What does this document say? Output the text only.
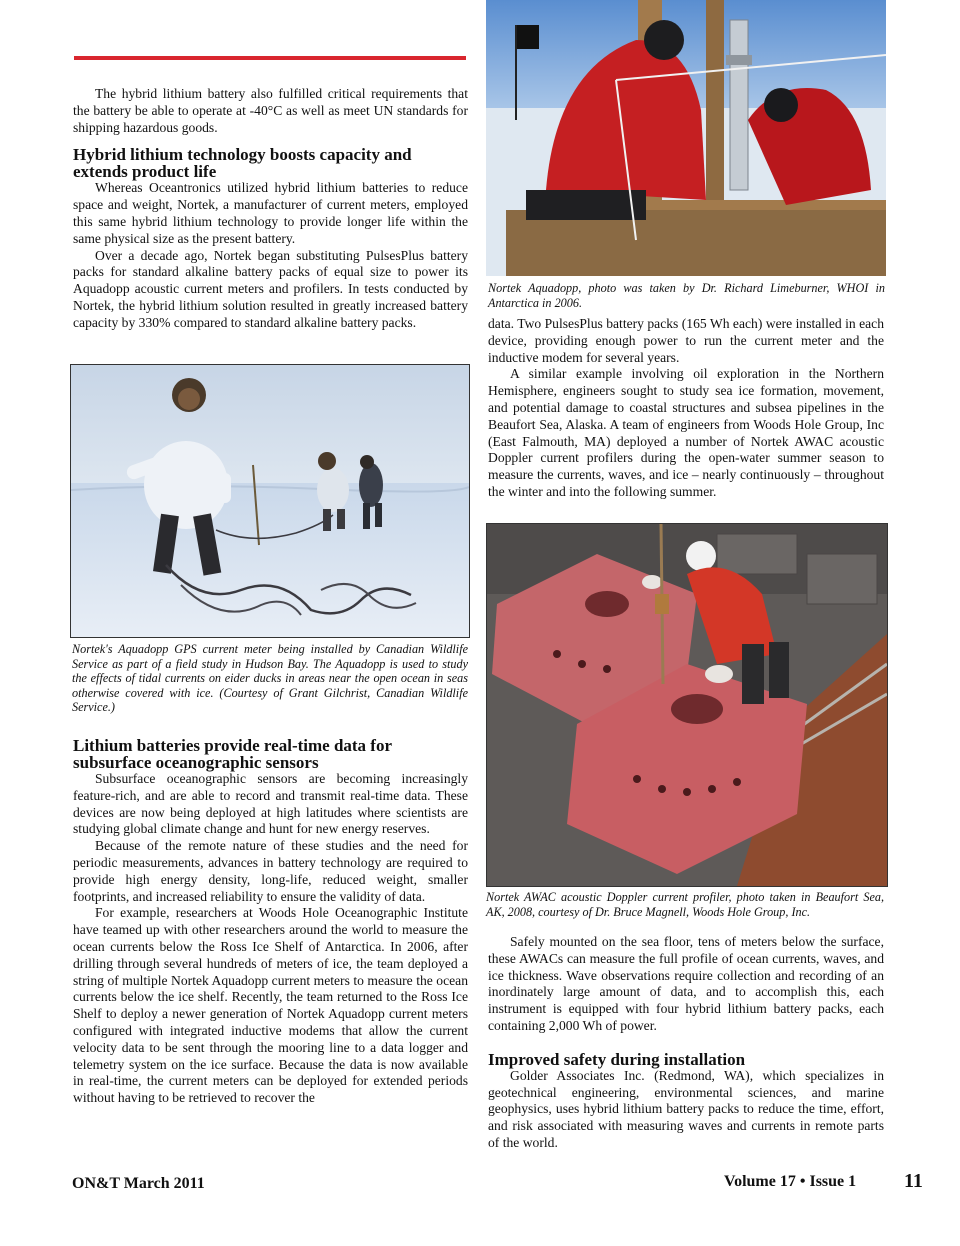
The hybrid lithium battery also fulfilled critical requirements that the battery be able to operate at -40°C as well as meet UN standards for shipping hazardous goods.

Hybrid lithium technology boosts capacity and extends product life

Whereas Oceantronics utilized hybrid lithium batteries to reduce space and weight, Nortek, a manufacturer of current meters, employed this same hybrid lithium technology to provide longer life within the same physical size as the present battery.

Over a decade ago, Nortek began substituting PulsesPlus battery packs for standard alkaline battery packs of equal size to power its Aquadopp acoustic current meters and profilers. In tests conducted by Nortek, the hybrid lithium solution resulted in greatly increased battery capacity by 330% compared to standard alkaline battery packs.

Nortek's Aquadopp GPS current meter being installed by Canadian Wildlife Service as part of a field study in Hudson Bay. The Aquadopp is used to study the effects of tidal currents on eider ducks in areas near the open ocean in seas otherwise covered with ice. (Courtesy of Grant Gilchrist, Canadian Wildlife Service.)
Lithium batteries provide real-time data for subsurface oceanographic sensors

Subsurface oceanographic sensors are becoming increasingly feature-rich, and are able to record and transmit real-time data. These devices are now being deployed at high latitudes where scientists are studying global climate change and hunt for new energy reserves.

Because of the remote nature of these studies and the need for periodic measurements, advances in battery technology are required to provide high energy density, long-life, reduced weight, smaller footprints, and increased reliability to ensure the validity of data.

For example, researchers at Woods Hole Oceanographic Institute have teamed up with other researchers around the world to measure the ocean currents below the Ross Ice Shelf of Antarctica. In 2006, after drilling through several hundreds of meters of ice, the team deployed a string of multiple Nortek Aquadopp current meters to measure the ocean currents below the ice shelf. Recently, the team returned to the Ross Ice Shelf to deploy a newer generation of Nortek Aquadopp current meters configured with integrated inductive modems that allow the current velocity data to be sent through the mooring line to a data logger and telemetry system on the ice surface. Because the data is now available in real-time, the current meters can be deployed for extended periods without having to be retrieved to recover the

Nortek Aquadopp, photo was taken by Dr. Richard Limeburner, WHOI in Antarctica in 2006.

data. Two PulsesPlus battery packs (165 Wh each) were installed in each device, providing enough power to run the current meter and the inductive modem for several years.

A similar example involving oil exploration in the Northern Hemisphere, engineers sought to study sea ice formation, movement, and potential damage to coastal structures and subsea pipelines in the Beaufort Sea, Alaska. A team of engineers from Woods Hole Group, Inc (East Falmouth, MA) deployed a number of Nortek AWAC acoustic Doppler current profilers during the open-water summer season to measure the currents, waves, and ice – nearly continuously – throughout the winter and into the following summer.

Nortek AWAC acoustic Doppler current profiler, photo taken in Beaufort Sea, AK, 2008, courtesy of Dr. Bruce Magnell, Woods Hole Group, Inc.

Safely mounted on the sea floor, tens of meters below the surface, these AWACs can measure the full profile of ocean currents, waves, and ice thickness. Wave observations require collection and recording of an inordinately large amount of data, and to accomplish this, each instrument is equipped with four hybrid lithium battery packs, each containing 2,000 Wh of power.

Improved safety during installation

Golder Associates Inc. (Redmond, WA), which specializes in geotechnical engineering, environmental sciences, and marine geophysics, uses hybrid lithium battery packs to reduce the time, effort, and risk associated with measuring waves and currents in remote parts of the world.

ON&T March 2011	Volume 17 • Issue 1 11
